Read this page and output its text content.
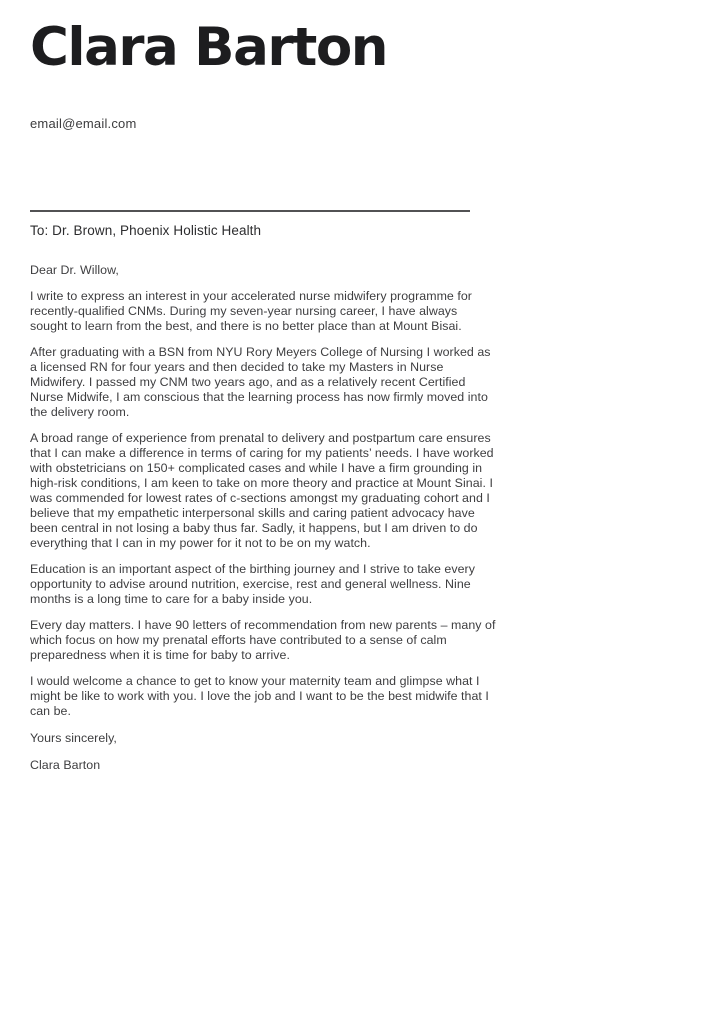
Clara Barton
email@email.com
To: Dr. Brown, Phoenix Holistic Health
Dear Dr. Willow,

I write to express an interest in your accelerated nurse midwifery programme for recently-qualified CNMs. During my seven-year nursing career, I have always sought to learn from the best, and there is no better place than at Mount Bisai.

After graduating with a BSN from NYU Rory Meyers College of Nursing I worked as a licensed RN for four years and then decided to take my Masters in Nurse Midwifery. I passed my CNM two years ago, and as a relatively recent Certified Nurse Midwife, I am conscious that the learning process has now firmly moved into the delivery room.

A broad range of experience from prenatal to delivery and postpartum care ensures that I can make a difference in terms of caring for my patients’ needs. I have worked with obstetricians on 150+ complicated cases and while I have a firm grounding in high-risk conditions, I am keen to take on more theory and practice at Mount Sinai. I was commended for lowest rates of c-sections amongst my graduating cohort and I believe that my empathetic interpersonal skills and caring patient advocacy have been central in not losing a baby thus far. Sadly, it happens, but I am driven to do everything that I can in my power for it not to be on my watch.

Education is an important aspect of the birthing journey and I strive to take every opportunity to advise around nutrition, exercise, rest and general wellness. Nine months is a long time to care for a baby inside you.

Every day matters. I have 90 letters of recommendation from new parents – many of which focus on how my prenatal efforts have contributed to a sense of calm preparedness when it is time for baby to arrive.

I would welcome a chance to get to know your maternity team and glimpse what I might be like to work with you. I love the job and I want to be the best midwife that I can be.

Yours sincerely,
Clara Barton
